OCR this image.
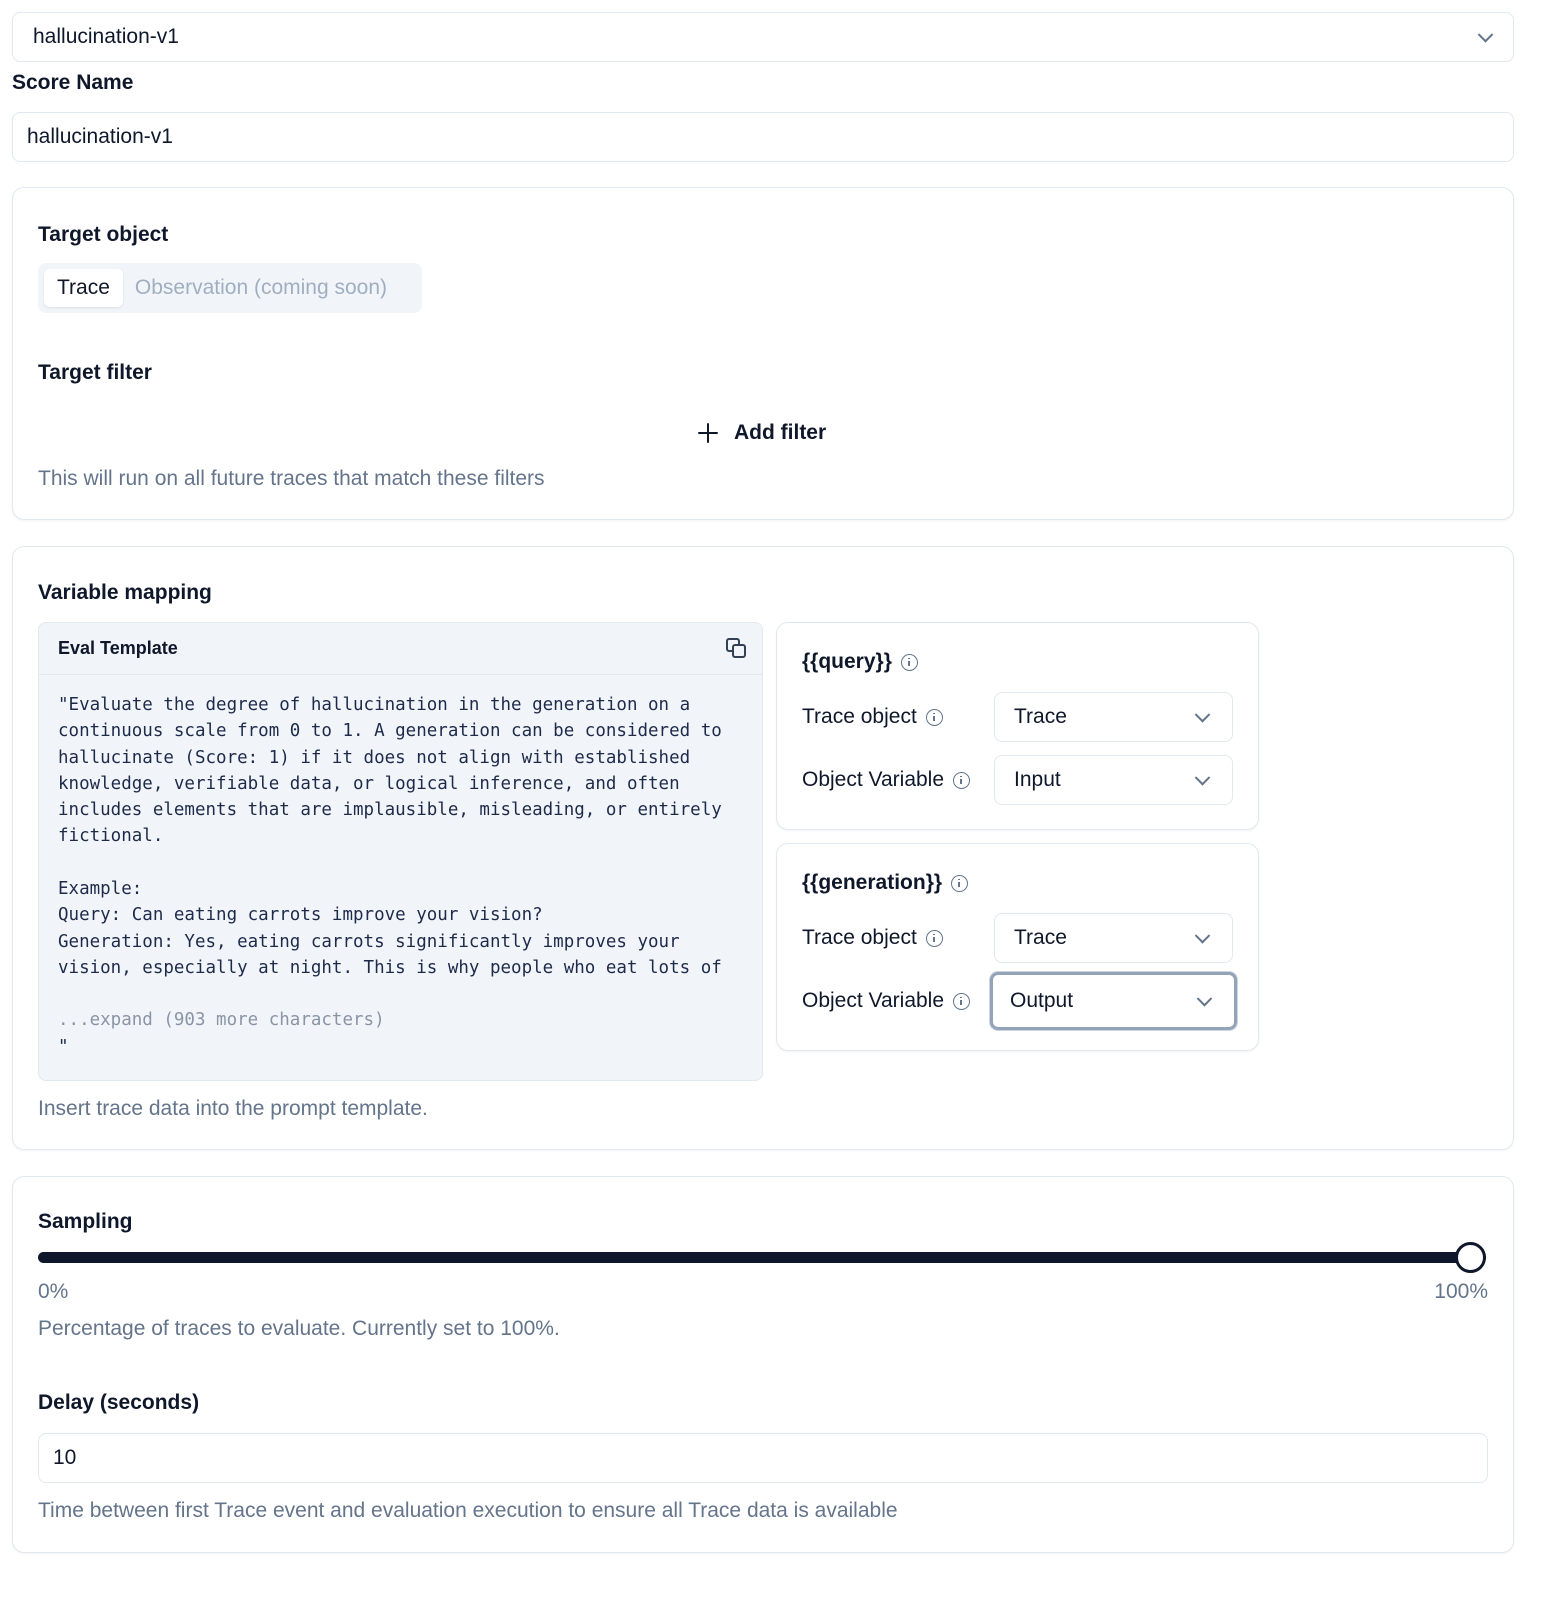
hallucination-v1
Score Name
hallucination-v1
Target object
Trace	Observation (coming soon)
Target filter
Add filter
This will run on all future traces that match these filters
Variable mapping
Eval Template
"Evaluate the degree of hallucination in the generation on a
continuous scale from 0 to 1. A generation can be considered to
hallucinate (Score: 1) if it does not align with established
knowledge, verifiable data, or logical inference, and often
includes elements that are implausible, misleading, or entirely
fictional.

Example:
Query: Can eating carrots improve your vision?
Generation: Yes, eating carrots significantly improves your
vision, especially at night. This is why people who eat lots of

...expand (903 more characters)
"
{{query}}
Trace object	Trace
Object Variable	Input
{{generation}}
Trace object	Trace
Object Variable	Output
Insert trace data into the prompt template.
Sampling
0%	100%
Percentage of traces to evaluate. Currently set to 100%.
Delay (seconds)
10
Time between first Trace event and evaluation execution to ensure all Trace data is available
